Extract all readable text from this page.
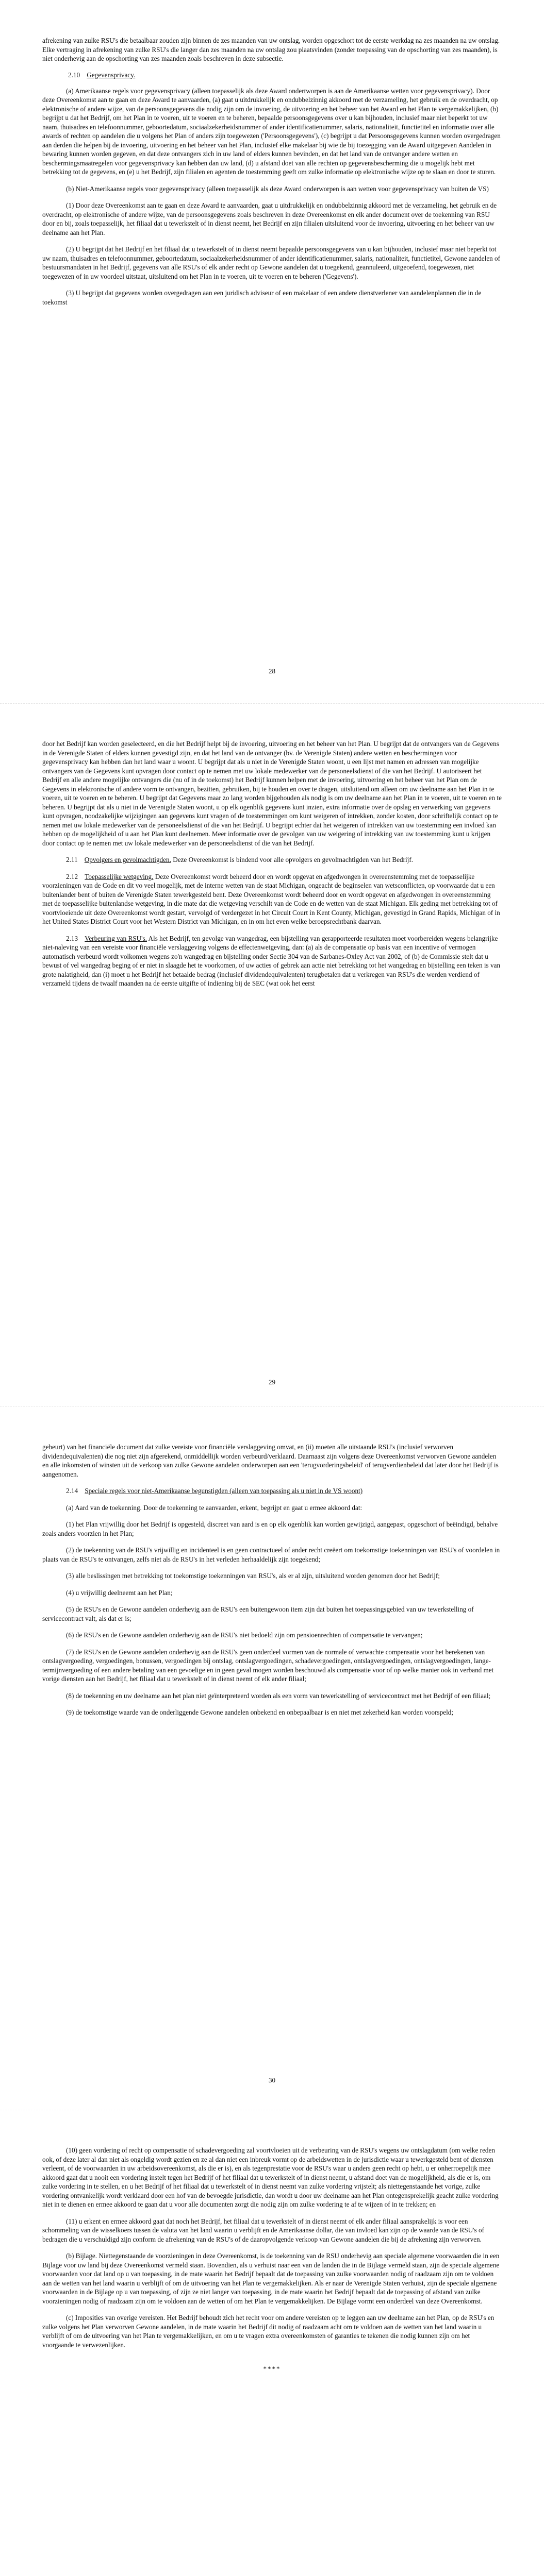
afrekening van zulke RSU's die betaalbaar zouden zijn binnen de zes maanden van uw ontslag, worden opgeschort tot de eerste werkdag na zes maanden na uw ontslag. Elke vertraging in afrekening van zulke RSU's die langer dan zes maanden na uw ontslag zou plaatsvinden (zonder toepassing van de opschorting van zes maanden), is niet onderhevig aan de opschorting van zes maanden zoals beschreven in deze subsectie.

2.10 Gegevensprivacy.

(a) Amerikaanse regels voor gegevensprivacy (alleen toepasselijk als deze Award ondertworpen is aan de Amerikaanse wetten voor gegevensprivacy). Door deze Overeenkomst aan te gaan en deze Award te aanvaarden, (a) gaat u uitdrukkelijk en ondubbelzinnig akkoord met de verzameling, het gebruik en de overdracht, op elektronische of andere wijze, van de persoonsgegevens die nodig zijn om de invoering, de uitvoering en het beheer van het Award en het Plan te vergemakkelijken, (b) begrijpt u dat het Bedrijf, om het Plan in te voeren, uit te voeren en te beheren, bepaalde persoonsgegevens over u kan bijhouden, inclusief maar niet beperkt tot uw naam, thuisadres en telefoonnummer, geboortedatum, sociaalzekerheidsnummer of ander identificatienummer, salaris, nationaliteit, functietitel en informatie over alle awards of rechten op aandelen die u volgens het Plan of anders zijn toegewezen ('Persoonsgegevens'), (c) begrijpt u dat Persoonsgegevens kunnen worden overgedragen aan derden die helpen bij de invoering, uitvoering en het beheer van het Plan, inclusief elke makelaar bij wie de bij toezegging van de Award uitgegeven Aandelen in bewaring kunnen worden gegeven, en dat deze ontvangers zich in uw land of elders kunnen bevinden, en dat het land van de ontvanger andere wetten en beschermingsmaatregelen voor gegevensprivacy kan hebben dan uw land, (d) u afstand doet van alle rechten op gegevensbescherming die u mogelijk hebt met betrekking tot de gegevens, en (e) u het Bedrijf, zijn filialen en agenten de toestemming geeft om zulke informatie op elektronische wijze op te slaan en door te sturen.

(b) Niet-Amerikaanse regels voor gegevensprivacy (alleen toepasselijk als deze Award onderworpen is aan wetten voor gegevensprivacy van buiten de VS)

(1) Door deze Overeenkomst aan te gaan en deze Award te aanvaarden, gaat u uitdrukkelijk en ondubbelzinnig akkoord met de verzameling, het gebruik en de overdracht, op elektronische of andere wijze, van de persoonsgegevens zoals beschreven in deze Overeenkomst en elk ander document over de toekenning van RSU door en bij, zoals toepasselijk, het filiaal dat u tewerkstelt of in dienst neemt, het Bedrijf en zijn filialen uitsluitend voor de invoering, uitvoering en het beheer van uw deelname aan het Plan.

(2) U begrijpt dat het Bedrijf en het filiaal dat u tewerkstelt of in dienst neemt bepaalde persoonsgegevens van u kan bijhouden, inclusief maar niet beperkt tot uw naam, thuisadres en telefoonnummer, geboortedatum, sociaalzekerheidsnummer of ander identificatienummer, salaris, nationaliteit, functietitel, Gewone aandelen of bestuursmandaten in het Bedrijf, gegevens van alle RSU's of elk ander recht op Gewone aandelen dat u toegekend, geannuleerd, uitgeoefend, toegewezen, niet toegewezen of in uw voordeel uitstaat, uitsluitend om het Plan in te voeren, uit te voeren en te beheren ('Gegevens').

(3) U begrijpt dat gegevens worden overgedragen aan een juridisch adviseur of een makelaar of een andere dienstverlener van aandelenplannen die in de toekomst

28

door het Bedrijf kan worden geselecteerd, en die het Bedrijf helpt bij de invoering, uitvoering en het beheer van het Plan. U begrijpt dat de ontvangers van de Gegevens in de Verenigde Staten of elders kunnen gevestigd zijn, en dat het land van de ontvanger (bv. de Verenigde Staten) andere wetten en beschermingen voor gegevensprivacy kan hebben dan het land waar u woont. U begrijpt dat als u niet in de Verenigde Staten woont, u een lijst met namen en adressen van mogelijke ontvangers van de Gegevens kunt opvragen door contact op te nemen met uw lokale medewerker van de personeelsdienst of die van het Bedrijf. U autoriseert het Bedrijf en alle andere mogelijke ontvangers die (nu of in de toekomst) het Bedrijf kunnen helpen met de invoering, uitvoering en het beheer van het Plan om de Gegevens in elektronische of andere vorm te ontvangen, bezitten, gebruiken, bij te houden en over te dragen, uitsluitend om alleen om uw deelname aan het Plan in te voeren, uit te voeren en te beheren. U begrijpt dat Gegevens maar zo lang worden bijgehouden als nodig is om uw deelname aan het Plan in te voeren, uit te voeren en te beheren. U begrijpt dat als u niet in de Verenigde Staten woont, u op elk ogenblik gegevens kunt inzien, extra informatie over de opslag en verwerking van gegevens kunt opvragen, noodzakelijke wijzigingen aan gegevens kunt vragen of de toestemmingen om kunt weigeren of intrekken, zonder kosten, door schriftelijk contact op te nemen met uw lokale medewerker van de personeelsdienst of die van het Bedrijf. U begrijpt echter dat het weigeren of intrekken van uw toestemming een invloed kan hebben op de mogelijkheid of u aan het Plan kunt deelnemen. Meer informatie over de gevolgen van uw weigering of intrekking van uw toestemming kunt u krijgen door contact op te nemen met uw lokale medewerker van de personeelsdienst of die van het Bedrijf.

2.11 Opvolgers en gevolmachtigden. Deze Overeenkomst is bindend voor alle opvolgers en gevolmachtigden van het Bedrijf.

2.12 Toepasselijke wetgeving. Deze Overeenkomst wordt beheerd door en wordt opgevat en afgedwongen in overeenstemming met de toepasselijke voorzieningen van de Code en dit vo veel mogelijk, met de interne wetten van de staat Michigan, ongeacht de beginselen van wetsconflicten, op voorwaarde dat u een buitenlander bent of buiten de Verenigde Staten tewerkgesteld bent. Deze Overeenkomst wordt beheerd door en wordt opgevat en afgedwongen in overeenstemming met de toepasselijke buitenlandse wetgeving, in die mate dat die wetgeving verschilt van de Code en de wetten van de staat Michigan. Elk geding met betrekking tot of voortvloeiende uit deze Overeenkomst wordt gestart, vervolgd of verdergezet in het Circuit Court in Kent County, Michigan, gevestigd in Grand Rapids, Michigan of in het United States District Court voor het Western District van Michigan, en in om het even welke beroepsrechtbank daarvan.

2.13 Verbeuring van RSU's. Als het Bedrijf, ten gevolge van wangedrag, een bijstelling van gerapporteerde resultaten moet voorbereiden wegens belangrijke niet-naleving van een vereiste voor financiële verslaggeving volgens de effectenwetgeving, dan: (a) als de compensatie op basis van een incentive of vermogen automatisch verbeurd wordt volkomen wegens zo'n wangedrag en bijstelling onder Sectie 304 van de Sarbanes-Oxley Act van 2002, of (b) de Commissie stelt dat u bewust of vel wangedrag beging of er niet in slaagde het te voorkomen, of uw acties of gebrek aan actie niet betrekking tot het wangedrag en bijstelling een teken is van grote nalatigheid, dan (i) moet u het Bedrijf het betaalde bedrag (inclusief dividendequivalenten) terugbetalen dat u verkregen van RSU's die werden verdiend of verzameld tijdens de twaalf maanden na de eerste uitgifte of indiening bij de SEC (wat ook het eerst

29

gebeurt) van het financiële document dat zulke vereiste voor financiële verslaggeving omvat, en (ii) moeten alle uitstaande RSU's (inclusief verworven dividendequivalenten) die nog niet zijn afgerekend, onmiddellijk worden verbeurd/verklaard. Daarnaast zijn volgens deze Overeenkomst verworven Gewone aandelen en alle inkomsten of winsten uit de verkoop van zulke Gewone aandelen onderworpen aan een 'terugvorderingsbeleid' of terugverdienbeleid dat later door het Bedrijf is aangenomen.

2.14 Speciale regels voor niet-Amerikaanse begunstigden (alleen van toepassing als u niet in de VS woont)

(a) Aard van de toekenning. Door de toekenning te aanvaarden, erkent, begrijpt en gaat u ermee akkoord dat:

(1) het Plan vrijwillig door het Bedrijf is opgesteld, discreet van aard is en op elk ogenblik kan worden gewijzigd, aangepast, opgeschort of beëindigd, behalve zoals anders voorzien in het Plan;

(2) de toekenning van de RSU's vrijwillig en incidenteel is en geen contractueel of ander recht creëert om toekomstige toekenningen van RSU's of voordelen in plaats van de RSU's te ontvangen, zelfs niet als de RSU's in het verleden herhaaldelijk zijn toegekend;

(3) alle beslissingen met betrekking tot toekomstige toekenningen van RSU's, als er al zijn, uitsluitend worden genomen door het Bedrijf;

(4) u vrijwillig deelneemt aan het Plan;

(5) de RSU's en de Gewone aandelen onderhevig aan de RSU's een buitengewoon item zijn dat buiten het toepassingsgebied van uw tewerkstelling of servicecontract valt, als dat er is;

(6) de RSU's en de Gewone aandelen onderhevig aan de RSU's niet bedoeld zijn om pensioenrechten of compensatie te vervangen;

(7) de RSU's en de Gewone aandelen onderhevig aan de RSU's geen onderdeel vormen van de normale of verwachte compensatie voor het berekenen van ontslagvergoeding, vergoedingen, bonussen, vergoedingen bij ontslag, ontslagvergoedingen, schadevergoedingen, ontslagvergoedingen, ontslagvergoedingen, lange-termijnvergoeding of een andere betaling van een gevoelige en in geen geval mogen worden beschouwd als compensatie voor of op welke manier ook in verband met vorige diensten aan het Bedrijf, het filiaal dat u tewerkstelt of in dienst neemt of elk ander filiaal;

(8) de toekenning en uw deelname aan het plan niet geïnterpreteerd worden als een vorm van tewerkstelling of servicecontract met het Bedrijf of een filiaal;

(9) de toekomstige waarde van de onderliggende Gewone aandelen onbekend en onbepaalbaar is en niet met zekerheid kan worden voorspeld;

30

(10) geen vordering of recht op compensatie of schadevergoeding zal voortvloeien uit de verbeuring van de RSU's wegens uw ontslagdatum (om welke reden ook, of deze later al dan niet als ongeldig wordt gezien en ze al dan niet een inbreuk vormt op de arbeidswetten in de jurisdictie waar u tewerkgesteld bent of diensten verleent, of de voorwaarden in uw arbeidsovereenkomst, als die er is), en als tegenprestatie voor de RSU's waar u anders geen recht op hebt, u er onherroepelijk mee akkoord gaat dat u nooit een vordering instelt tegen het Bedrijf of het filiaal dat u tewerkstelt of in dienst neemt, u afstand doet van de mogelijkheid, als die er is, om zulke vordering in te stellen, en u het Bedrijf of het filiaal dat u tewerkstelt of in dienst neemt van zulke vordering vrijstelt; als niettegenstaande het vorige, zulke vordering ontvankelijk wordt verklaard door een hof van de bevoegde jurisdictie, dan wordt u door uw deelname aan het Plan ontegensprekelijk geacht zulke vordering niet in te dienen en ermee akkoord te gaan dat u voor alle documenten zorgt die nodig zijn om zulke vordering te af te wijzen of in te trekken; en

(11) u erkent en ermee akkoord gaat dat noch het Bedrijf, het filiaal dat u tewerkstelt of in dienst neemt of elk ander filiaal aansprakelijk is voor een schommeling van de wisselkoers tussen de valuta van het land waarin u verblijft en de Amerikaanse dollar, die van invloed kan zijn op de waarde van de RSU's of bedragen die u verschuldigd zijn conform de afrekening van de RSU's of de daaropvolgende verkoop van Gewone aandelen die bij de afrekening zijn verworven.

(b) Bijlage. Niettegenstaande de voorzieningen in deze Overeenkomst, is de toekenning van de RSU onderhevig aan speciale algemene voorwaarden die in een Bijlage voor uw land bij deze Overeenkomst vermeld staan. Bovendien, als u verhuist naar een van de landen die in de Bijlage vermeld staan, zijn de speciale algemene voorwaarden voor dat land op u van toepassing, in de mate waarin het Bedrijf bepaalt dat de toepassing van zulke voorwaarden nodig of raadzaam zijn om te voldoen aan de wetten van het land waarin u verblijft of om de uitvoering van het Plan te vergemakkelijken. Als er naar de Verenigde Staten verhuist, zijn de speciale algemene voorwaarden in de Bijlage op u van toepassing, of zijn ze niet langer van toepassing, in de mate waarin het Bedrijf bepaalt dat de toepassing of afstand van zulke voorzieningen nodig of raadzaam zijn om te voldoen aan de wetten of om het Plan te vergemakkelijken. De Bijlage vormt een onderdeel van deze Overeenkomst.

(c) Imposities van overige vereisten. Het Bedrijf behoudt zich het recht voor om andere vereisten op te leggen aan uw deelname aan het Plan, op de RSU's en zulke volgens het Plan verworven Gewone aandelen, in de mate waarin het Bedrijf dit nodig of raadzaam acht om te voldoen aan de wetten van het land waarin u verblijft of om de uitvoering van het Plan te vergemakkelijken, en om u te vragen extra overeenkomsten of garanties te tekenen die nodig kunnen zijn om het voorgaande te verwezenlijken.

****
